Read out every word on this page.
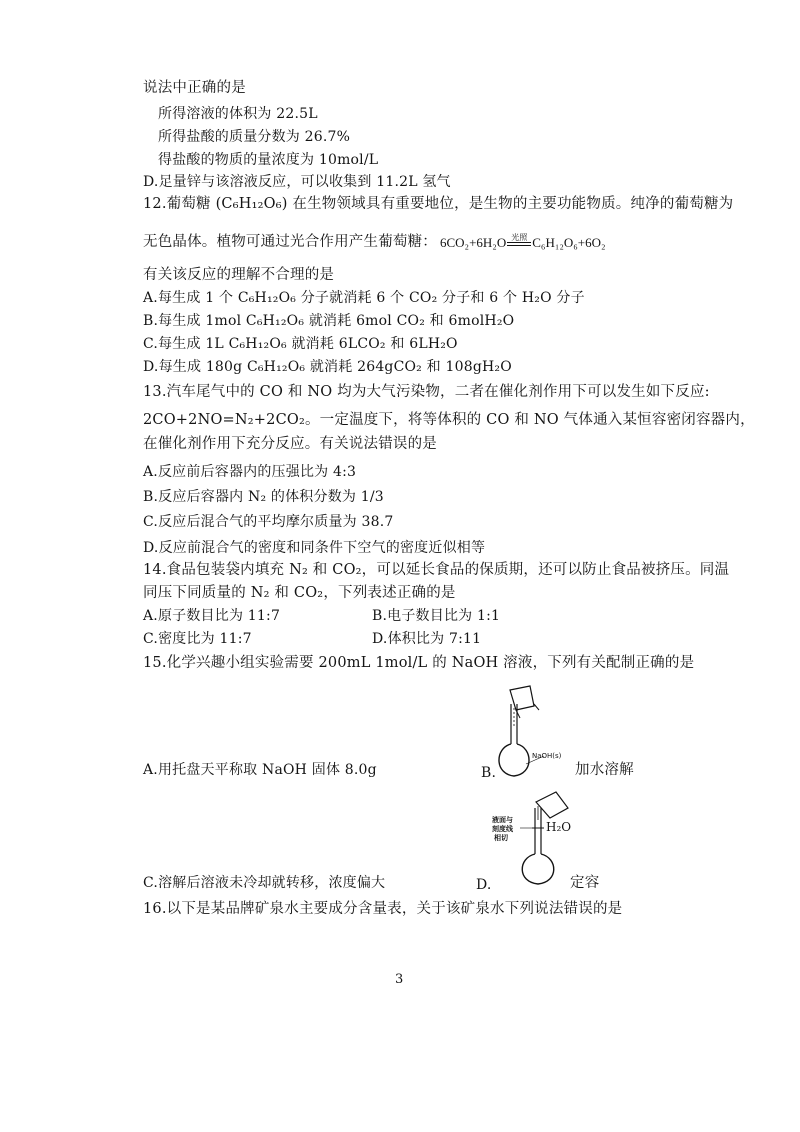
说法中正确的是
所得溶液的体积为 22.5L
所得盐酸的质量分数为 26.7%
得盐酸的物质的量浓度为 10mol/L
D.足量锌与该溶液反应，可以收集到 11.2L 氢气
12.葡萄糖 (C₆H₁₂O₆) 在生物领域具有重要地位，是生物的主要功能物质。纯净的葡萄糖为
无色晶体。植物可通过光合作用产生葡萄糖： 6CO₂+6H₂O $^{光照}$ C₆H₁₂O₆+6O₂
有关该反应的理解不合理的是
A.每生成 1 个 C₆H₁₂O₆ 分子就消耗 6 个 CO₂ 分子和 6 个 H₂O 分子
B.每生成 1mol C₆H₁₂O₆ 就消耗 6mol CO₂ 和 6molH₂O
C.每生成 1L C₆H₁₂O₆ 就消耗 6LCO₂ 和 6LH₂O
D.每生成 180g C₆H₁₂O₆ 就消耗 264gCO₂ 和 108gH₂O
13.汽车尾气中的 CO 和 NO 均为大气污染物，二者在催化剂作用下可以发生如下反应:
2CO+2NO=N₂+2CO₂。一定温度下，将等体积的 CO 和 NO 气体通入某恒容密闭容器内，
在催化剂作用下充分反应。有关说法错误的是
A.反应前后容器内的压强比为 4:3
B.反应后容器内 N₂ 的体积分数为 1/3
C.反应后混合气的平均摩尔质量为 38.7
D.反应前混合气的密度和同条件下空气的密度近似相等
14.食品包装袋内填充 N₂ 和 CO₂，可以延长食品的保质期，还可以防止食品被挤压。同温
同压下同质量的 N₂ 和 CO₂，下列表述正确的是
A.原子数目比为 11:7	B.电子数目比为 1:1
C.密度比为 11:7	D.体积比为 7:11
15.化学兴趣小组实验需要 200mL 1mol/L 的 NaOH 溶液，下列有关配制正确的是
NaOH(s)
A.用托盘天平称取 NaOH 固体 8.0g	B.	加水溶解
液面与
刻度线
相切
H₂O
C.溶解后溶液未冷却就转移，浓度偏大	D.	定容
16.以下是某品牌矿泉水主要成分含量表，关于该矿泉水下列说法错误的是
3
